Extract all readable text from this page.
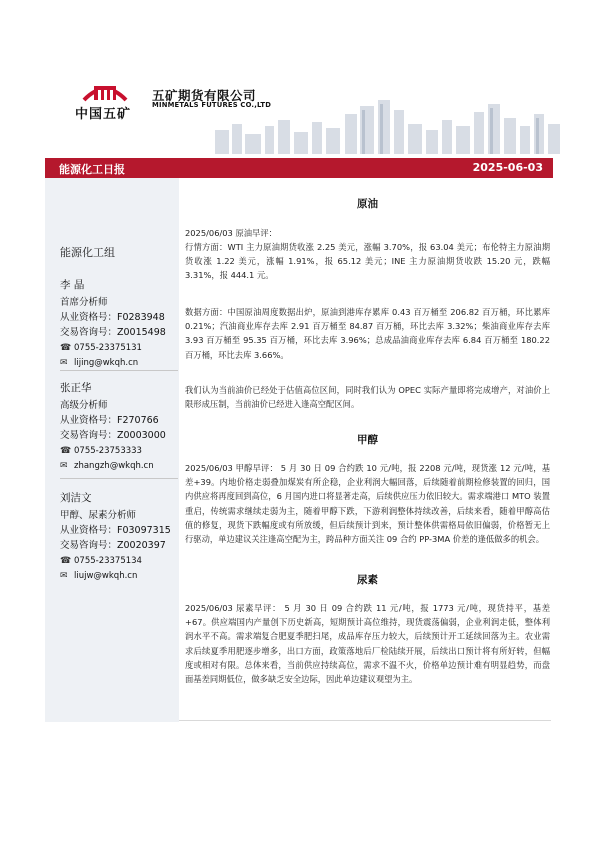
中国五矿
五矿期货有限公司
MINMETALS FUTURES CO.,LTD
能源化工日报	2025-06-03
能源化工组
李 晶
首席分析师
从业资格号：F0283948
交易咨询号：Z0015498
☎ 0755-23375131
✉ lijing@wkqh.cn
张正华
高级分析师
从业资格号：F270766
交易咨询号：Z0003000
☎ 0755-23753333
✉ zhangzh@wkqh.cn
刘洁文
甲醇、尿素分析师
从业资格号：F03097315
交易咨询号：Z0020397
☎ 0755-23375134
✉ liujw@wkqh.cn
原油
2025/06/03 原油早评：
行情方面：WTI 主力原油期货收涨 2.25 美元，涨幅 3.70%，报 63.04 美元；布伦特主力原油期货收涨 1.22 美元，涨幅 1.91%，报 65.12 美元；INE 主力原油期货收跌 15.20 元，跌幅 3.31%，报 444.1 元。
数据方面：中国原油周度数据出炉，原油到港库存累库 0.43 百万桶至 206.82 百万桶，环比累库 0.21%；汽油商业库存去库 2.91 百万桶至 84.87 百万桶，环比去库 3.32%；柴油商业库存去库 3.93 百万桶至 95.35 百万桶，环比去库 3.96%；总成品油商业库存去库 6.84 百万桶至 180.22 百万桶，环比去库 3.66%。
我们认为当前油价已经处于估值高位区间，同时我们认为 OPEC 实际产量即将完成增产，对油价上限形成压制，当前油价已经进入逢高空配区间。
甲醇
2025/06/03 甲醇早评： 5 月 30 日 09 合约跌 10 元/吨，报 2208 元/吨，现货涨 12 元/吨，基差+39。内地价格走弱叠加煤炭有所企稳，企业利润大幅回落，后续随着前期检修装置的回归，国内供应将再度回到高位，6 月国内进口将显著走高，后续供应压力依旧较大。需求端港口 MTO 装置重启，传统需求继续走弱为主，随着甲醇下跌，下游利润整体持续改善，后续来看，随着甲醇高估值的修复，现货下跌幅度或有所放缓，但后续预计到来，预计整体供需格局依旧偏弱，价格暂无上行驱动，单边建议关注逢高空配为主，跨品种方面关注 09 合约 PP-3MA 价差的逢低做多的机会。
尿素
2025/06/03 尿素早评： 5 月 30 日 09 合约跌 11 元/吨，报 1773 元/吨，现货持平，基差+67。供应端国内产量创下历史新高，短期预计高位维持，现货震荡偏弱，企业利润走低，整体利润水平不高。需求端复合肥夏季肥扫尾，成品库存压力较大，后续预计开工延续回落为主。农业需求后续夏季用肥逐步增多，出口方面，政策落地后厂检陆续开展，后续出口预计将有所好转，但幅度或相对有限。总体来看，当前供应持续高位，需求不温不火，价格单边预计难有明显趋势，而盘面基差同期低位，做多缺乏安全边际，因此单边建议观望为主。
